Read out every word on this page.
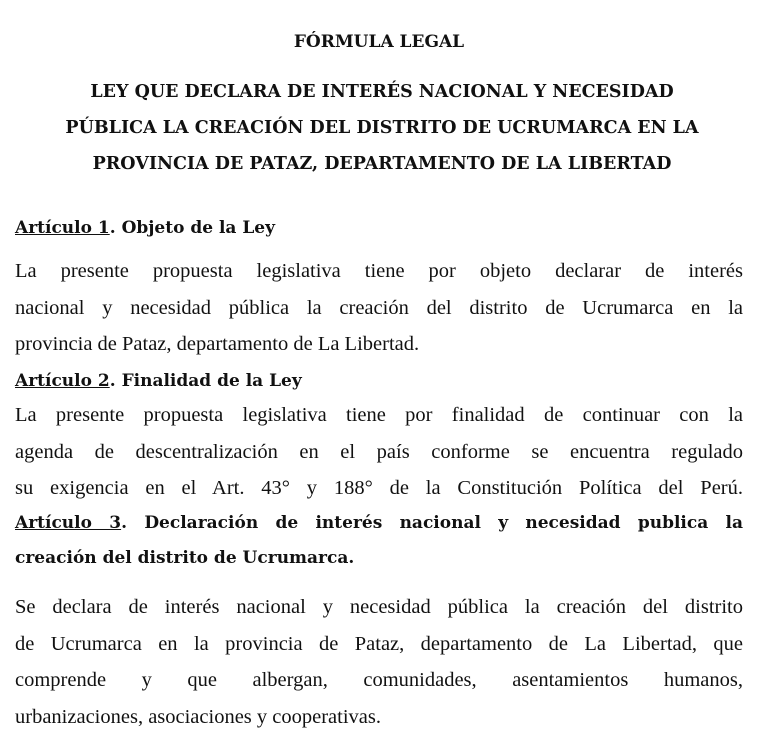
FÓRMULA LEGAL
LEY QUE DECLARA DE INTERÉS NACIONAL Y NECESIDAD
PÚBLICA LA CREACIÓN DEL DISTRITO DE UCRUMARCA EN LA
PROVINCIA DE PATAZ, DEPARTAMENTO DE LA LIBERTAD
Artículo 1. Objeto de la Ley
La presente propuesta legislativa tiene por objeto declarar de interés
nacional y necesidad pública la creación del distrito de Ucrumarca en la
provincia de Pataz, departamento de La Libertad.
Artículo 2. Finalidad de la Ley
La presente propuesta legislativa tiene por finalidad de continuar con la
agenda de descentralización en el país conforme se encuentra regulado
su exigencia en el Art. 43° y 188° de la Constitución Política del Perú.
Artículo 3. Declaración de interés nacional y necesidad publica la
creación del distrito de Ucrumarca.
Se declara de interés nacional y necesidad pública la creación del distrito
de Ucrumarca en la provincia de Pataz, departamento de La Libertad, que
comprende y que albergan, comunidades, asentamientos humanos,
urbanizaciones, asociaciones y cooperativas.
